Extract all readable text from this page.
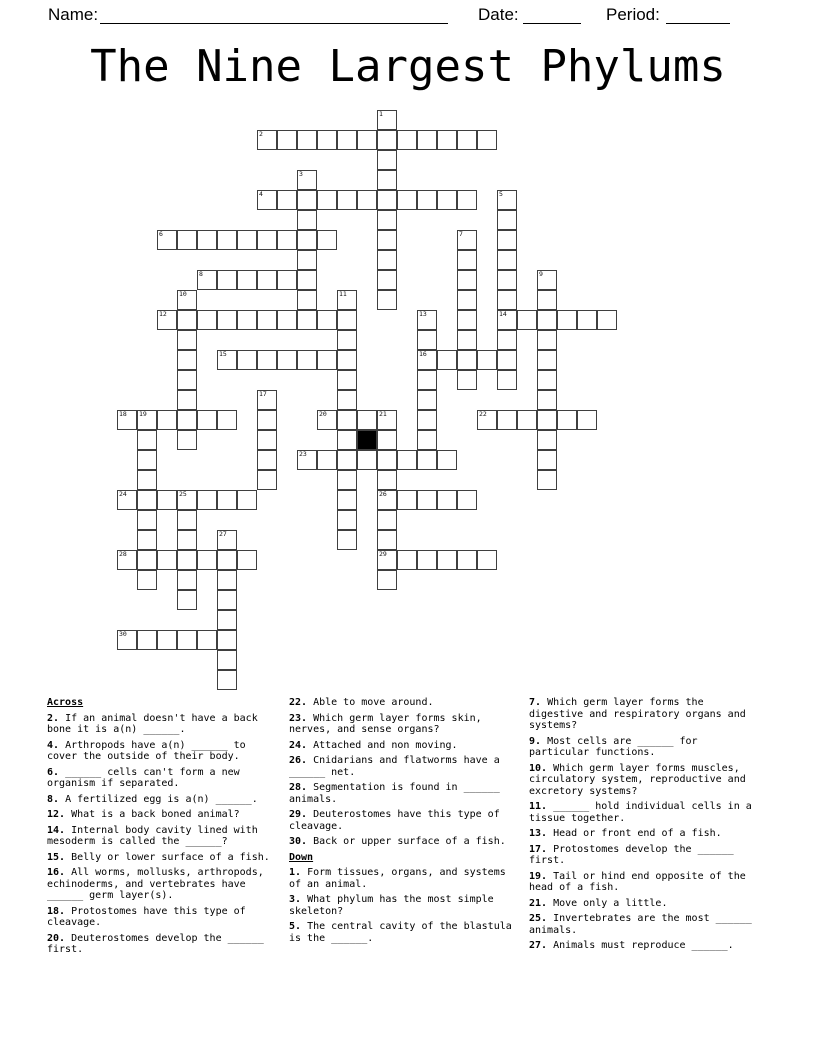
Name:	Date:	Period:
The Nine Largest Phylums
1
2
3
4	5
14
6	7
8	9
10	11
12	13
16
15
17
18 19	20	21
26
29
22
23
24	25
27
28
30
Across

2. If an animal doesn't have a back bone it is a(n) ______.

4. Arthropods have a(n) ______ to cover the outside of their body.

6. ______ cells can't form a new organism if separated.

8. A fertilized egg is a(n) ______.

12. What is a back boned animal?

14. Internal body cavity lined with mesoderm is called the ______?

15. Belly or lower surface of a fish.

16. All worms, mollusks, arthropods, echinoderms, and vertebrates have ______ germ layer(s).

18. Protostomes have this type of cleavage.

20. Deuterostomes develop the ______ first.

22. Able to move around.

23. Which germ layer forms skin, nerves, and sense organs?

24. Attached and non moving.

26. Cnidarians and flatworms have a ______ net.

28. Segmentation is found in ______ animals.

29. Deuterostomes have this type of cleavage.

30. Back or upper surface of a fish.

Down

1. Form tissues, organs, and systems of an animal.

3. What phylum has the most simple skeleton?

5. The central cavity of the blastula is the ______.

7. Which germ layer forms the digestive and respiratory organs and systems?

9. Most cells are ______ for particular functions.

10. Which germ layer forms muscles, circulatory system, reproductive and excretory systems?

11. ______ hold individual cells in a tissue together.

13. Head or front end of a fish.

17. Protostomes develop the ______ first.

19. Tail or hind end opposite of the head of a fish.

21. Move only a little.

25. Invertebrates are the most ______ animals.

27. Animals must reproduce ______.
